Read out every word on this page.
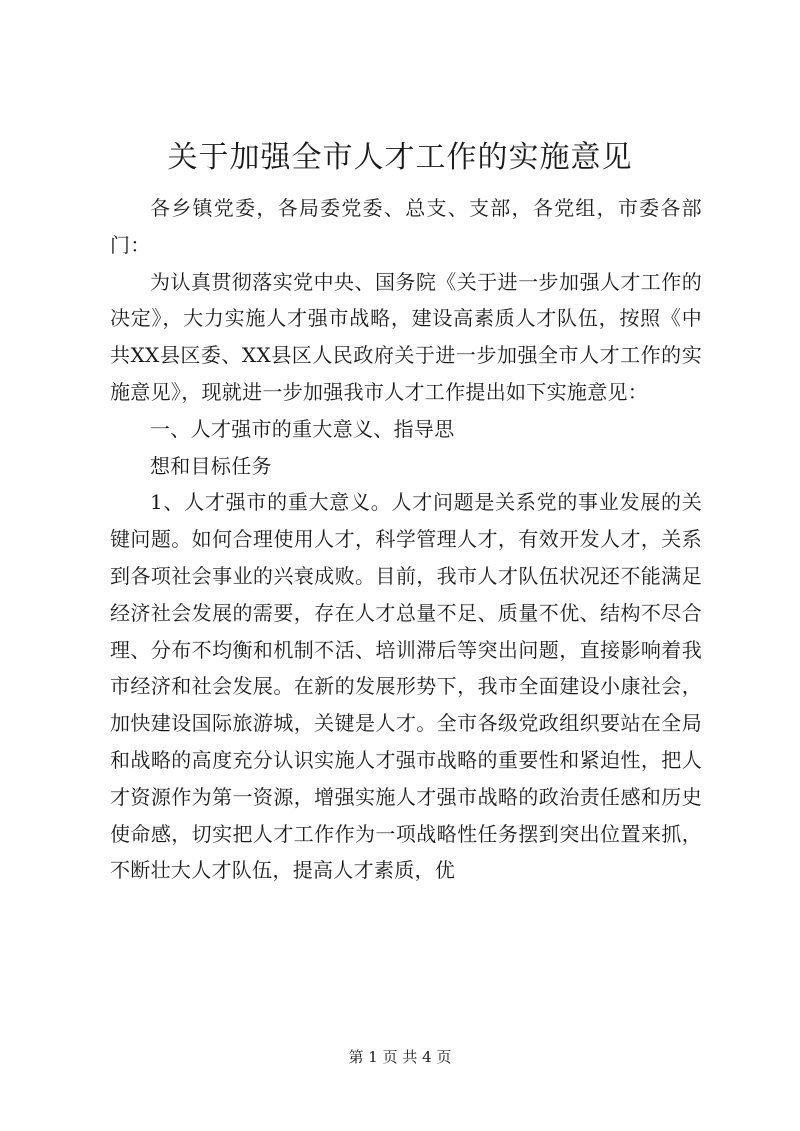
关于加强全市人才工作的实施意见

各乡镇党委，各局委党委、总支、支部，各党组，市委各部门：

为认真贯彻落实党中央、国务院《关于进一步加强人才工作的决定》，大力实施人才强市战略，建设高素质人才队伍，按照《中共XX县区委、XX县区人民政府关于进一步加强全市人才工作的实施意见》，现就进一步加强我市人才工作提出如下实施意见：

一、人才强市的重大意义、指导思

想和目标任务

1、人才强市的重大意义。人才问题是关系党的事业发展的关键问题。如何合理使用人才，科学管理人才，有效开发人才，关系到各项社会事业的兴衰成败。目前，我市人才队伍状况还不能满足经济社会发展的需要，存在人才总量不足、质量不优、结构不尽合理、分布不均衡和机制不活、培训滞后等突出问题，直接影响着我市经济和社会发展。在新的发展形势下，我市全面建设小康社会，加快建设国际旅游城，关键是人才。全市各级党政组织要站在全局和战略的高度充分认识实施人才强市战略的重要性和紧迫性，把人才资源作为第一资源，增强实施人才强市战略的政治责任感和历史使命感，切实把人才工作作为一项战略性任务摆到突出位置来抓，不断壮大人才队伍，提高人才素质，优

第 1 页 共 4 页
